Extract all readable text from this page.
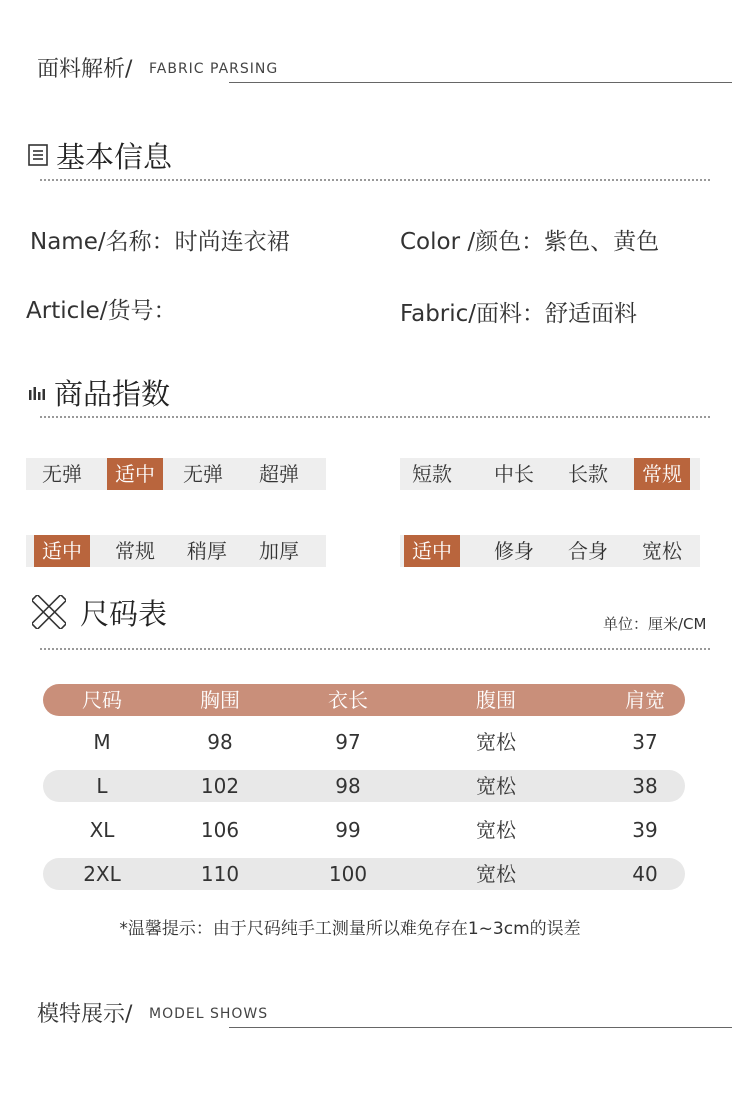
面料解析/ FABRIC PARSING
基本信息
Name/名称：时尚连衣裙	Color /颜色：紫色、黄色
Article/货号：	Fabric/面料：舒适面料
商品指数
无弹	适中	无弹	超弹	短款	中长	长款	常规
适中	常规	稍厚	加厚	适中	修身	合身	宽松
尺码表	单位：厘米/CM
尺码	胸围	衣长	腹围	肩宽
M	98	97	宽松	37
L	102	98	宽松	38
XL	106	99	宽松	39
2XL	110	100	宽松	40
*温馨提示：由于尺码纯手工测量所以难免存在1~3cm的误差
模特展示/ MODEL SHOWS
